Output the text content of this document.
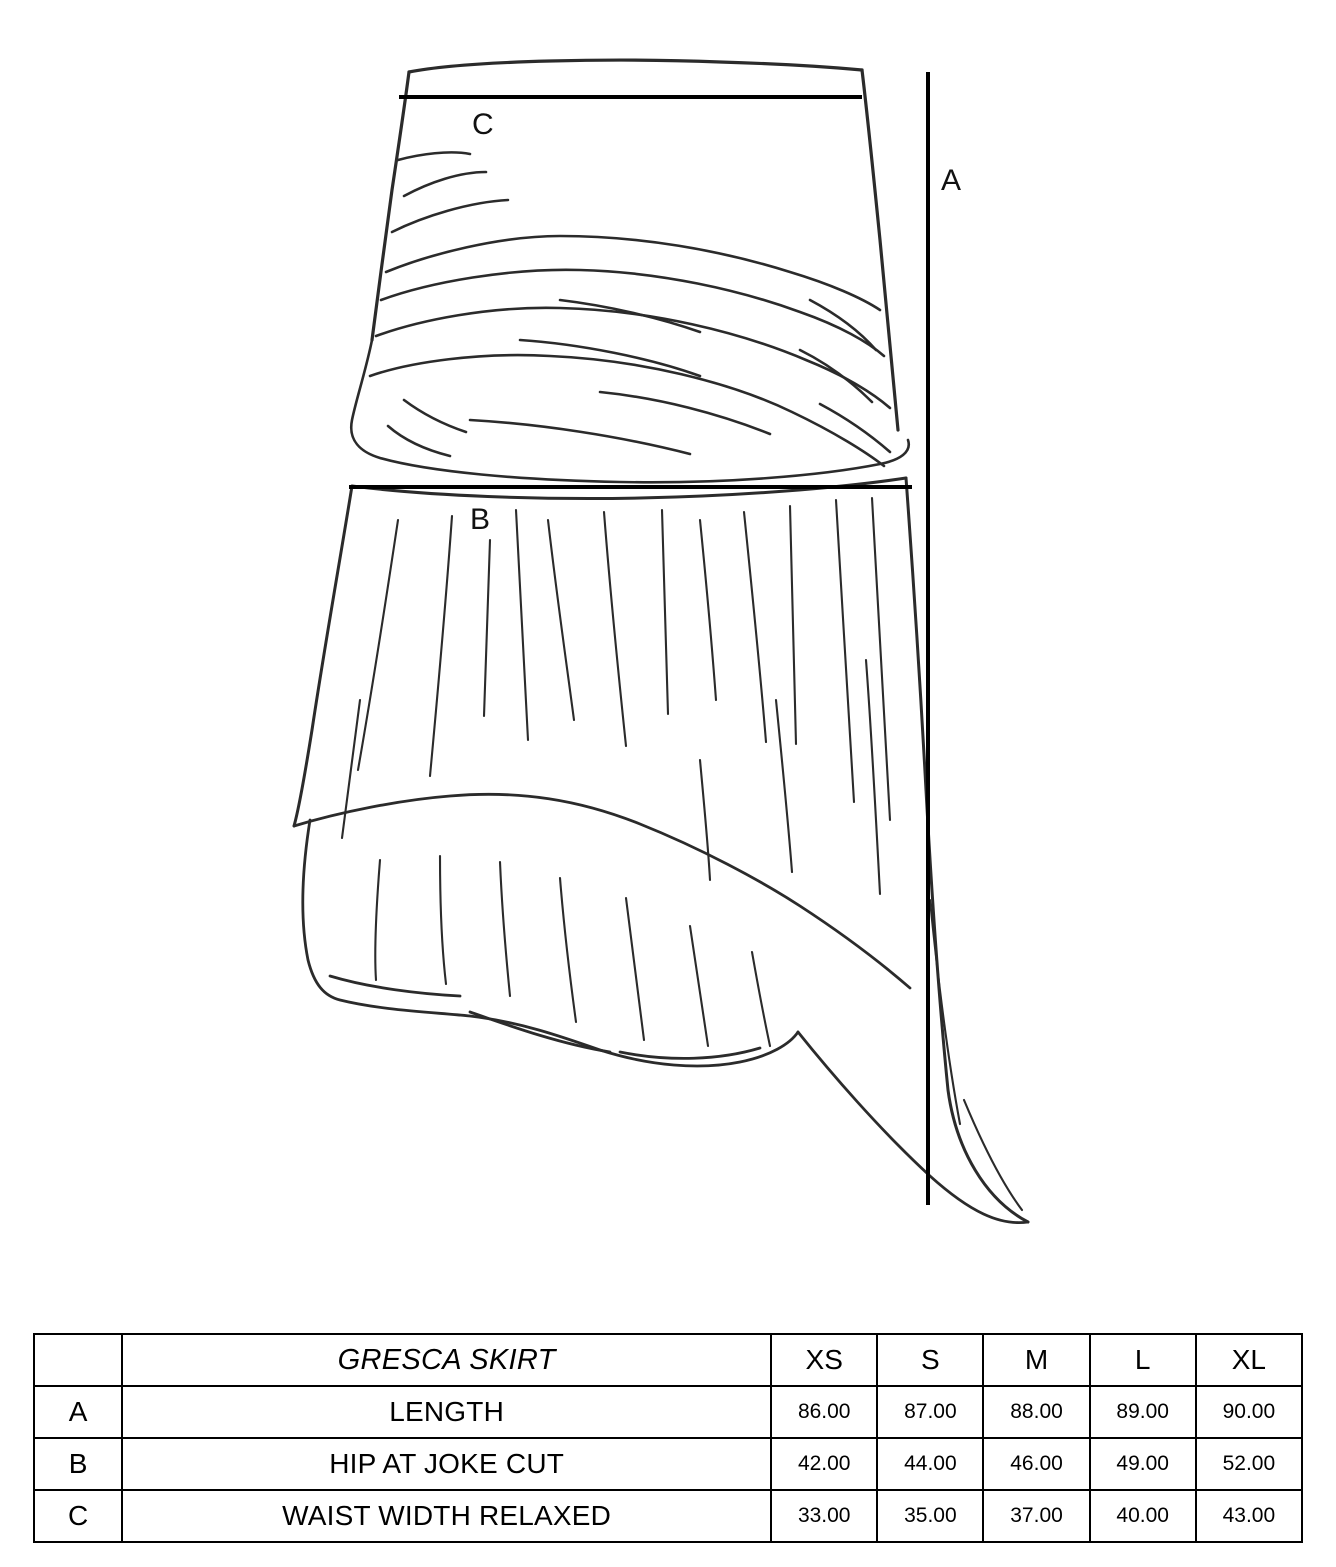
A
B
C
	GRESCA SKIRT	XS	S	M	L	XL
A	LENGTH	86.00	87.00	88.00	89.00	90.00
B	HIP AT JOKE CUT	42.00	44.00	46.00	49.00	52.00
C	WAIST WIDTH RELAXED	33.00	35.00	37.00	40.00	43.00
